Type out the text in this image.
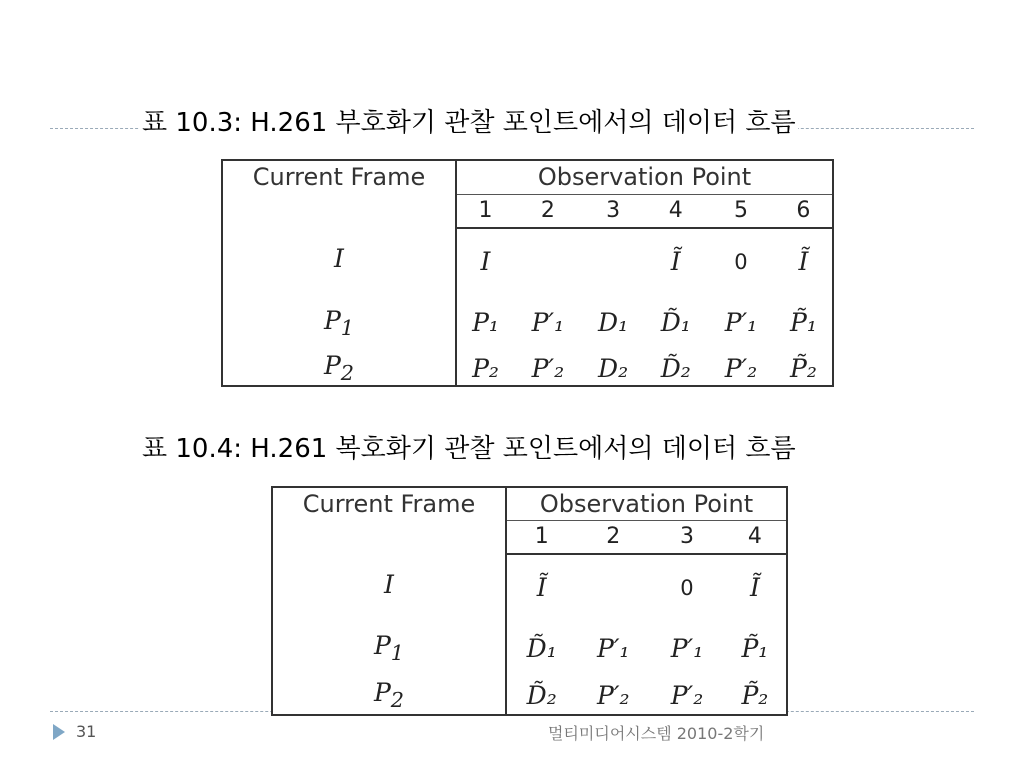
표 10.3: H.261 부호화기 관찰 포인트에서의 데이터 흐름
Current Frame	Observation Point					
	1	2	3	4	5	6
I	I			Ĩ	0	Ĩ
$P_1$	P₁	P′₁	D₁	D̃₁	P′₁	P̃₁
$P_2$	P₂	P′₂	D₂	D̃₂	P′₂	P̃₂
표 10.4: H.261 복호화기 관찰 포인트에서의 데이터 흐름
Current Frame	Observation Point			
	1	2	3	4
I	Ĩ		0	Ĩ
$P_1$	D̃₁	P′₁	P′₁	P̃₁
$P_2$	D̃₂	P′₂	P′₂	P̃₂
31	멀티미디어시스템 2010-2학기
